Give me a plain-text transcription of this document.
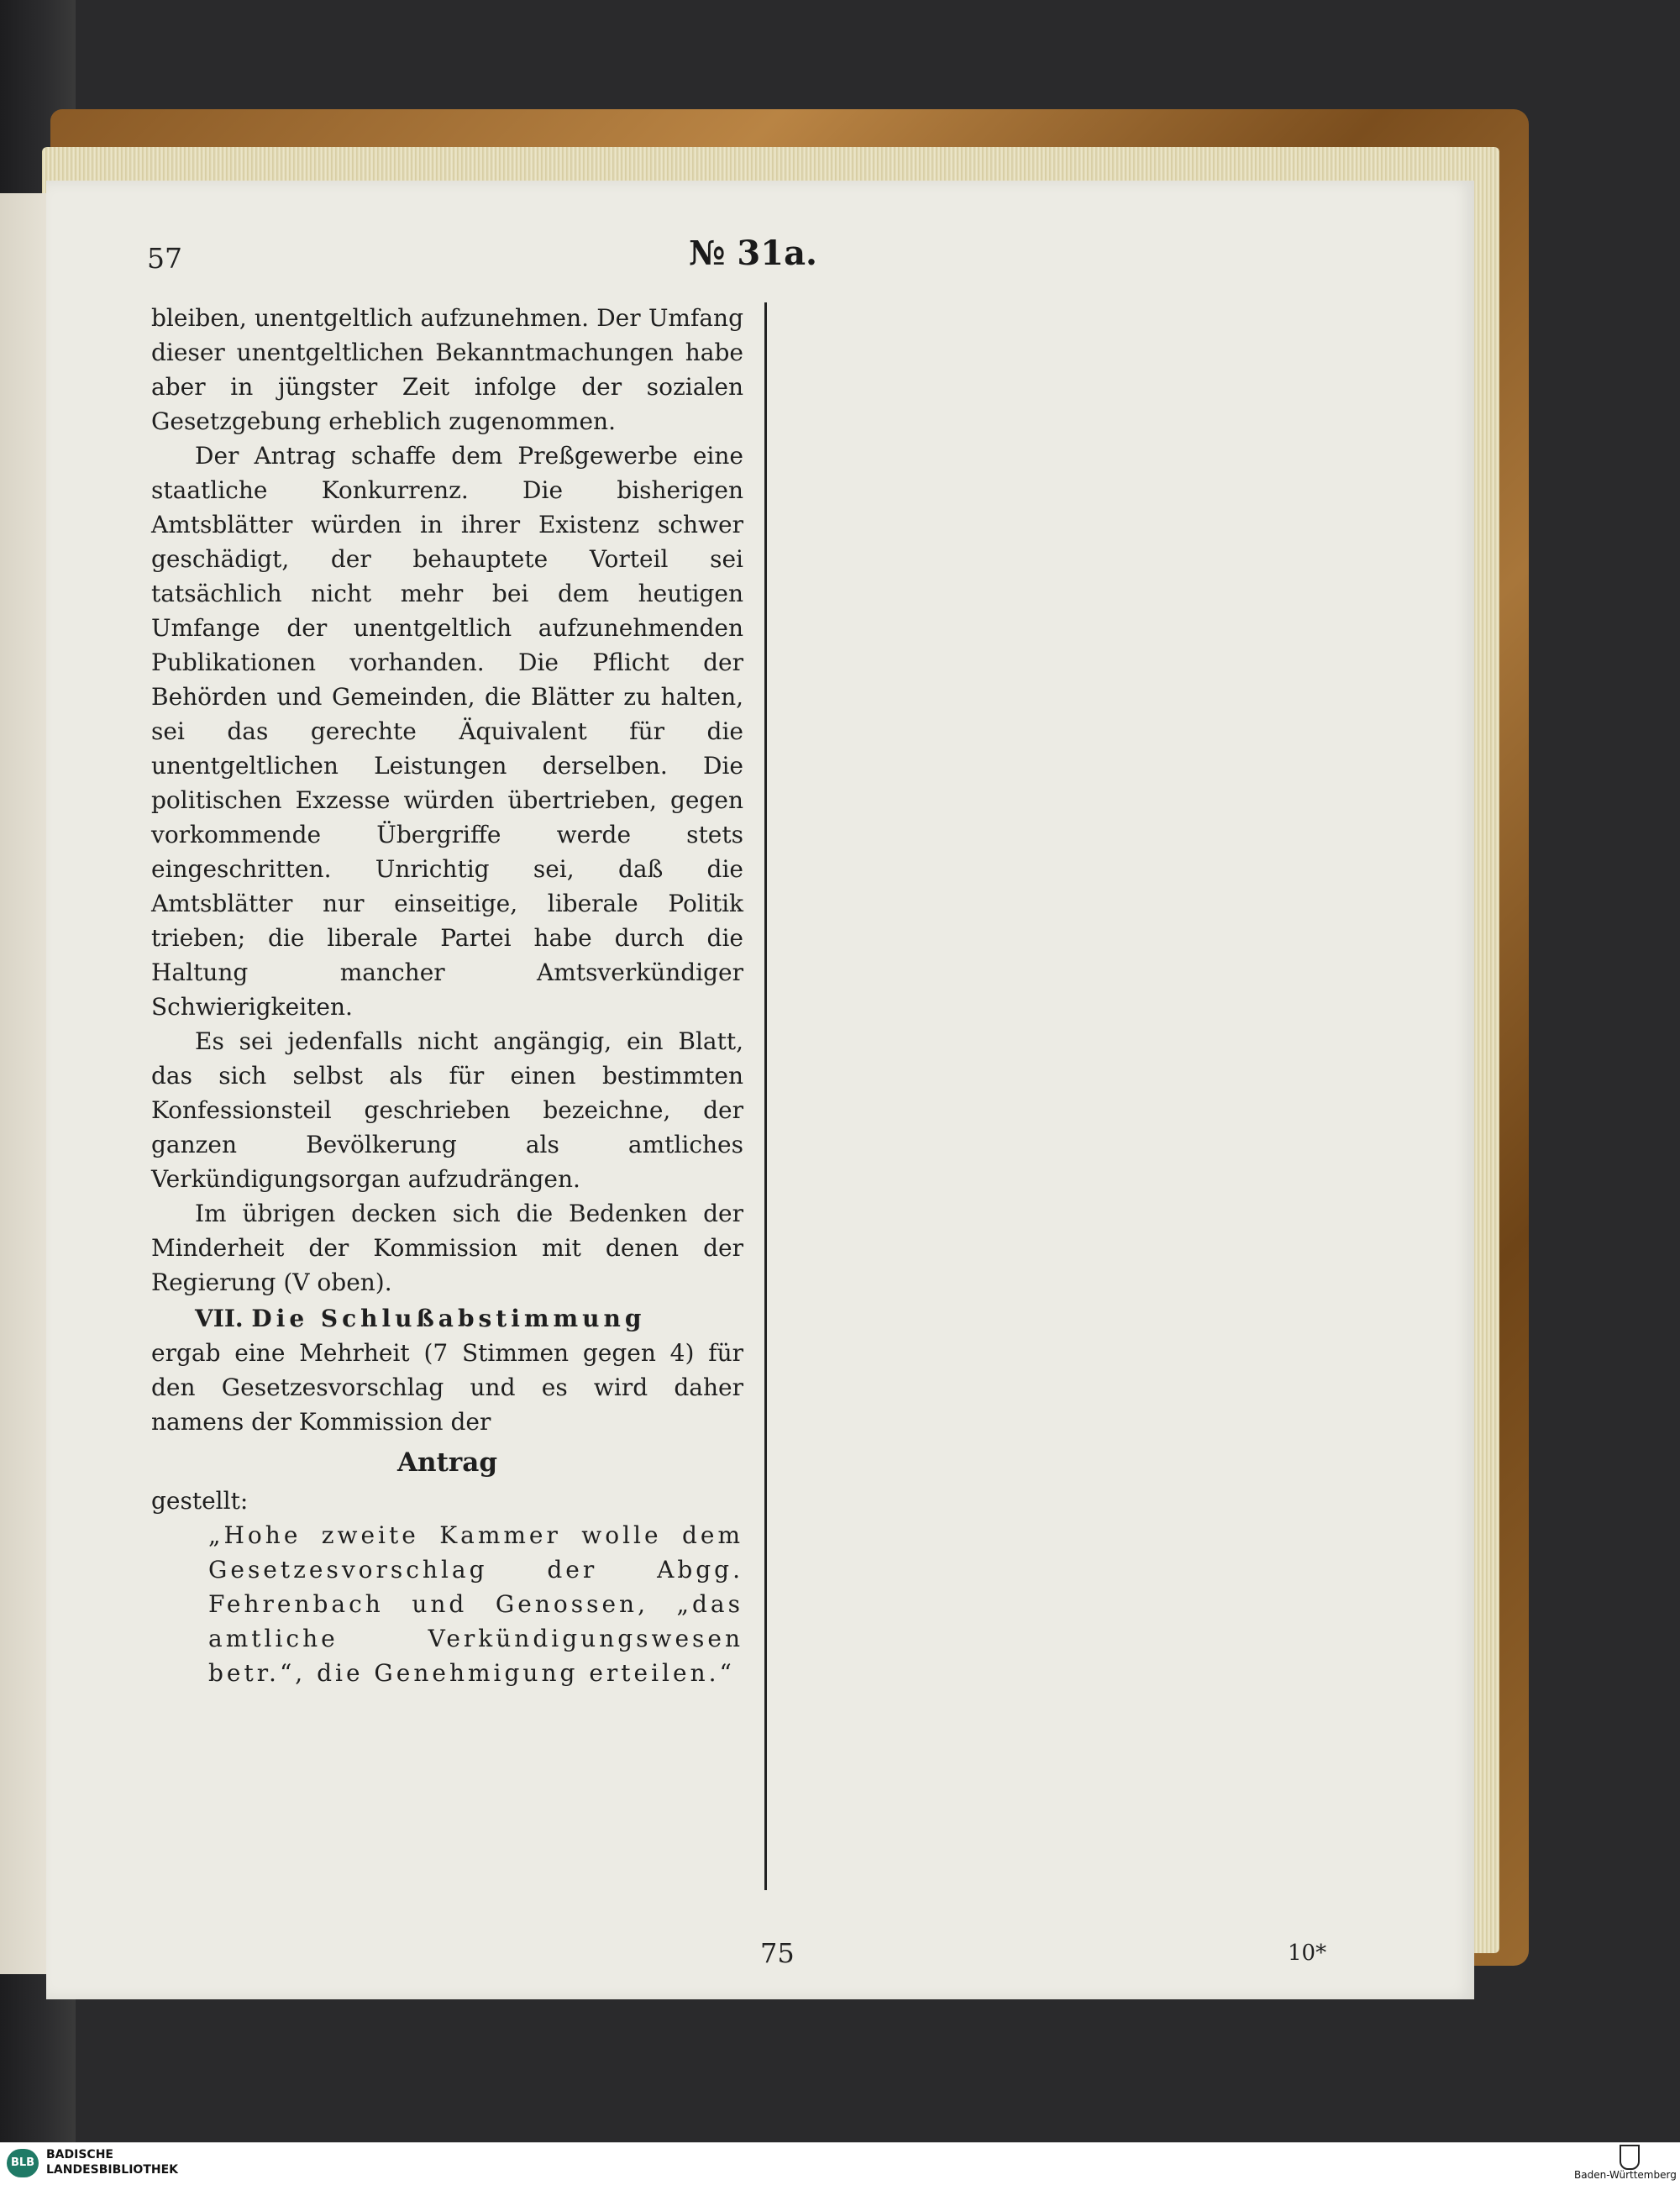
57	№ 31a.

bleiben, unentgeltlich aufzunehmen. Der Umfang dieser unentgeltlichen Bekanntmachungen habe aber in jüngster Zeit infolge der sozialen Gesetzgebung erheblich zugenommen.

Der Antrag schaffe dem Preßgewerbe eine staatliche Konkurrenz. Die bisherigen Amtsblätter würden in ihrer Existenz schwer geschädigt, der behauptete Vorteil sei tatsächlich nicht mehr bei dem heutigen Umfange der unentgeltlich aufzunehmenden Publikationen vorhanden. Die Pflicht der Behörden und Gemeinden, die Blätter zu halten, sei das gerechte Äquivalent für die unentgeltlichen Leistungen derselben. Die politischen Exzesse würden übertrieben, gegen vorkommende Übergriffe werde stets eingeschritten. Unrichtig sei, daß die Amtsblätter nur einseitige, liberale Politik trieben; die liberale Partei habe durch die Haltung mancher Amtsverkündiger Schwierigkeiten.

Es sei jedenfalls nicht angängig, ein Blatt, das sich selbst als für einen bestimmten Konfessionsteil geschrieben bezeichne, der ganzen Bevölkerung als amtliches Verkündigungsorgan aufzudrängen.

Im übrigen decken sich die Bedenken der Minderheit der Kommission mit denen der Regierung (V oben).

VII. Die Schlußabstimmung

ergab eine Mehrheit (7 Stimmen gegen 4) für den Gesetzesvorschlag und es wird daher namens der Kommission der

Antrag

gestellt:

„Hohe zweite Kammer wolle dem Gesetzesvorschlag der Abgg. Fehrenbach und Genossen, „das amtliche Verkündigungswesen betr.“, die Genehmigung erteilen.“

75	10*
BLB
BADISCHE
LANDESBIBLIOTHEK	Baden-Württemberg
